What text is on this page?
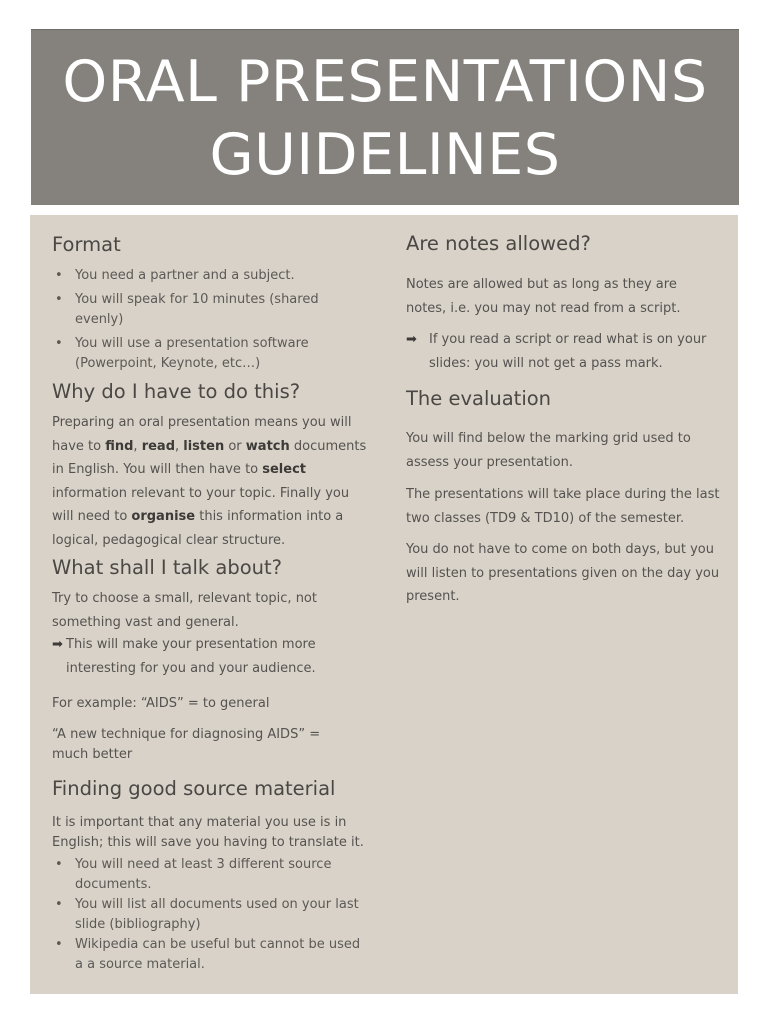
ORAL PRESENTATIONS
GUIDELINES
Format
• You need a partner and a subject.
• You will speak for 10 minutes (shared evenly)
• You will use a presentation software (Powerpoint, Keynote, etc…)
Why do I have to do this?

Preparing an oral presentation means you will have to find, read, listen or watch documents in English. You will then have to select information relevant to your topic. Finally you will need to organise this information into a logical, pedagogical clear structure.

What shall I talk about?

Try to choose a small, relevant topic, not something vast and general.

➡ This will make your presentation more interesting for you and your audience.

For example: “AIDS” = to general

“A new technique for diagnosing AIDS” = much better

Finding good source material

It is important that any material you use is in English; this will save you having to translate it.

• You will need at least 3 different source documents.
• You will list all documents used on your last slide (bibliography)
• Wikipedia can be useful but cannot be used a a source material.
Are notes allowed?

Notes are allowed but as long as they are notes, i.e. you may not read from a script.

➡ If you read a script or read what is on your slides: you will not get a pass mark.

The evaluation

You will find below the marking grid used to assess your presentation.

The presentations will take place during the last two classes (TD9 & TD10) of the semester.

You do not have to come on both days, but you will listen to presentations given on the day you present.
